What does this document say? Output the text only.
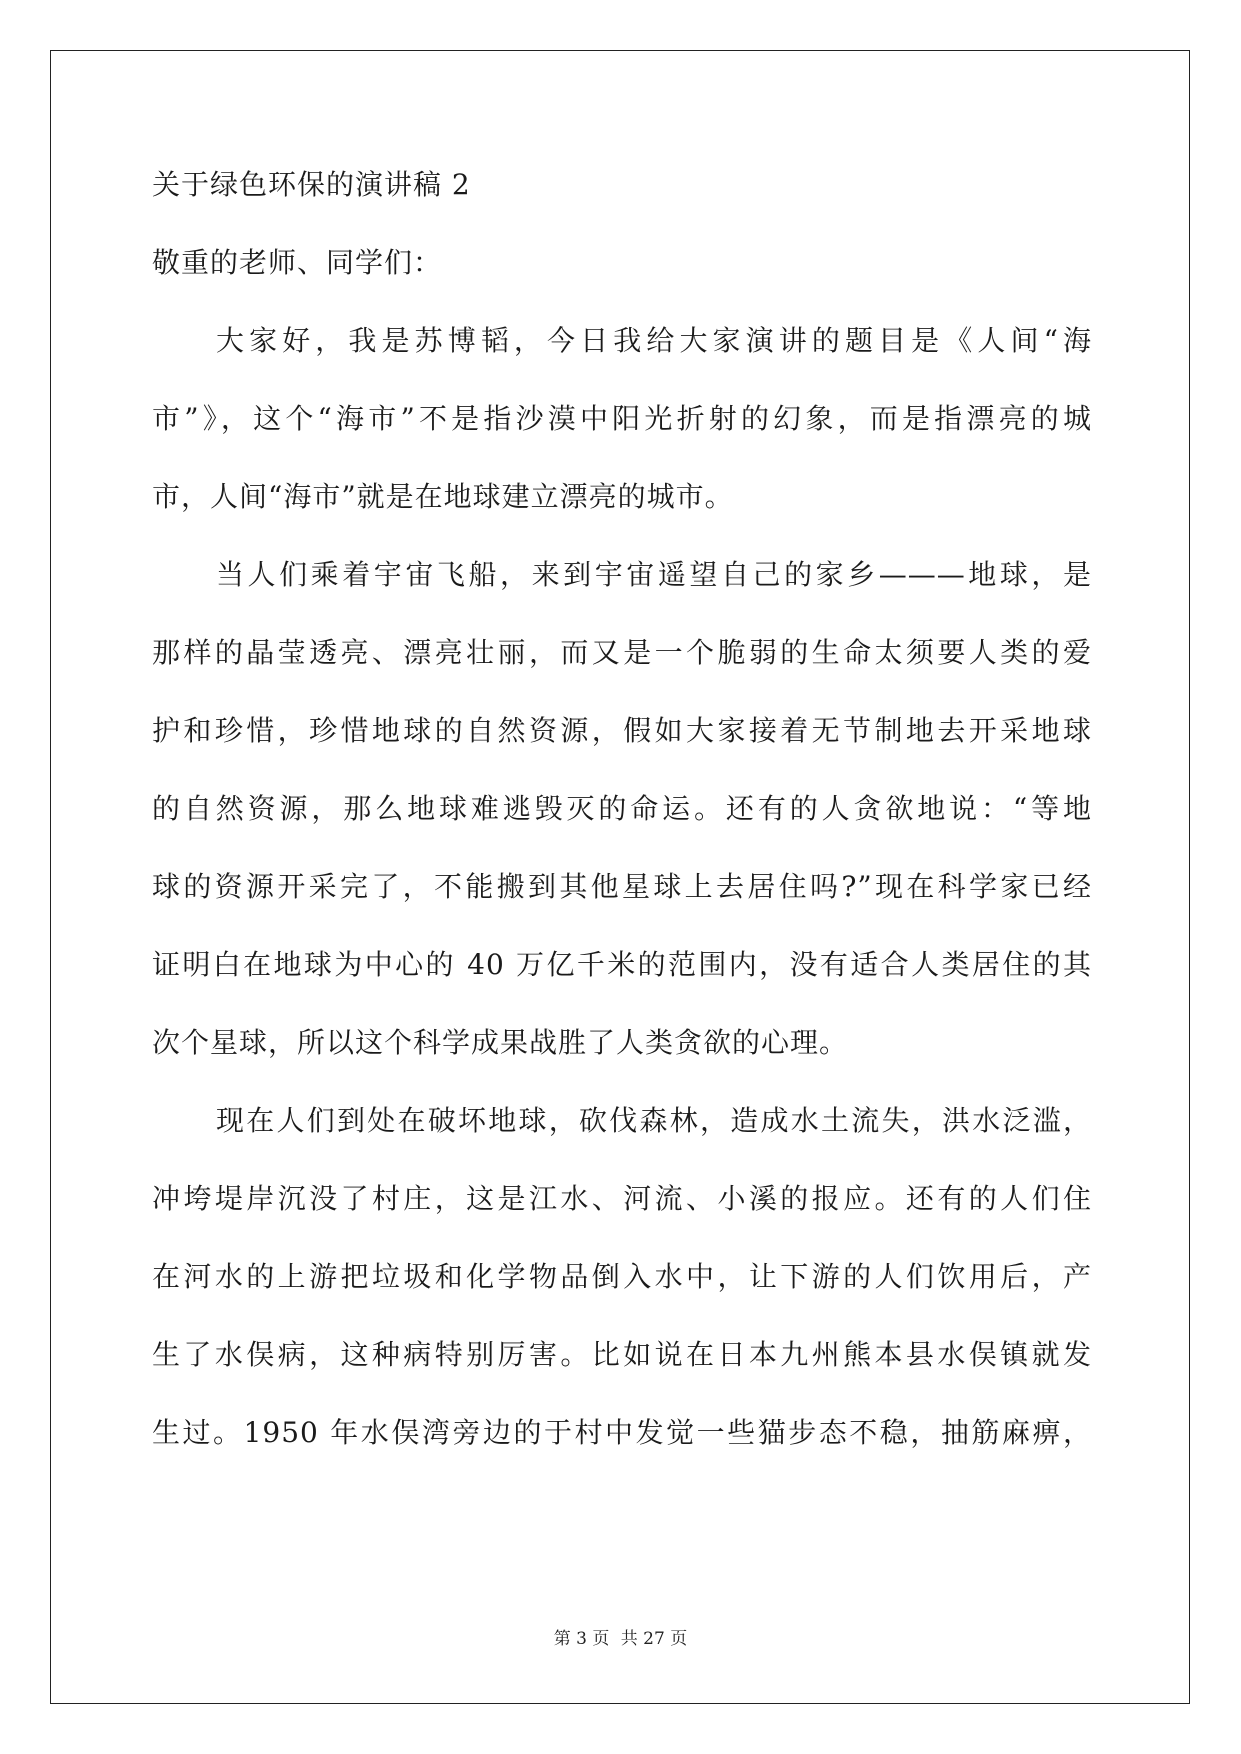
关于绿色环保的演讲稿 2

敬重的老师、同学们：

大家好，我是苏博韬，今日我给大家演讲的题目是《人间“海

市”》，这个“海市”不是指沙漠中阳光折射的幻象，而是指漂亮的城

市，人间“海市”就是在地球建立漂亮的城市。

当人们乘着宇宙飞船，来到宇宙遥望自己的家乡———地球，是

那样的晶莹透亮、漂亮壮丽，而又是一个脆弱的生命太须要人类的爱

护和珍惜，珍惜地球的自然资源，假如大家接着无节制地去开采地球

的自然资源，那么地球难逃毁灭的命运。还有的人贪欲地说：“等地

球的资源开采完了，不能搬到其他星球上去居住吗?”现在科学家已经

证明白在地球为中心的 40 万亿千米的范围内，没有适合人类居住的其

次个星球，所以这个科学成果战胜了人类贪欲的心理。

现在人们到处在破坏地球，砍伐森林，造成水土流失，洪水泛滥，

冲垮堤岸沉没了村庄，这是江水、河流、小溪的报应。还有的人们住

在河水的上游把垃圾和化学物品倒入水中，让下游的人们饮用后，产

生了水俣病，这种病特别厉害。比如说在日本九州熊本县水俣镇就发

生过。1950 年水俣湾旁边的于村中发觉一些猫步态不稳，抽筋麻痹，

第 3 页 共 27 页
